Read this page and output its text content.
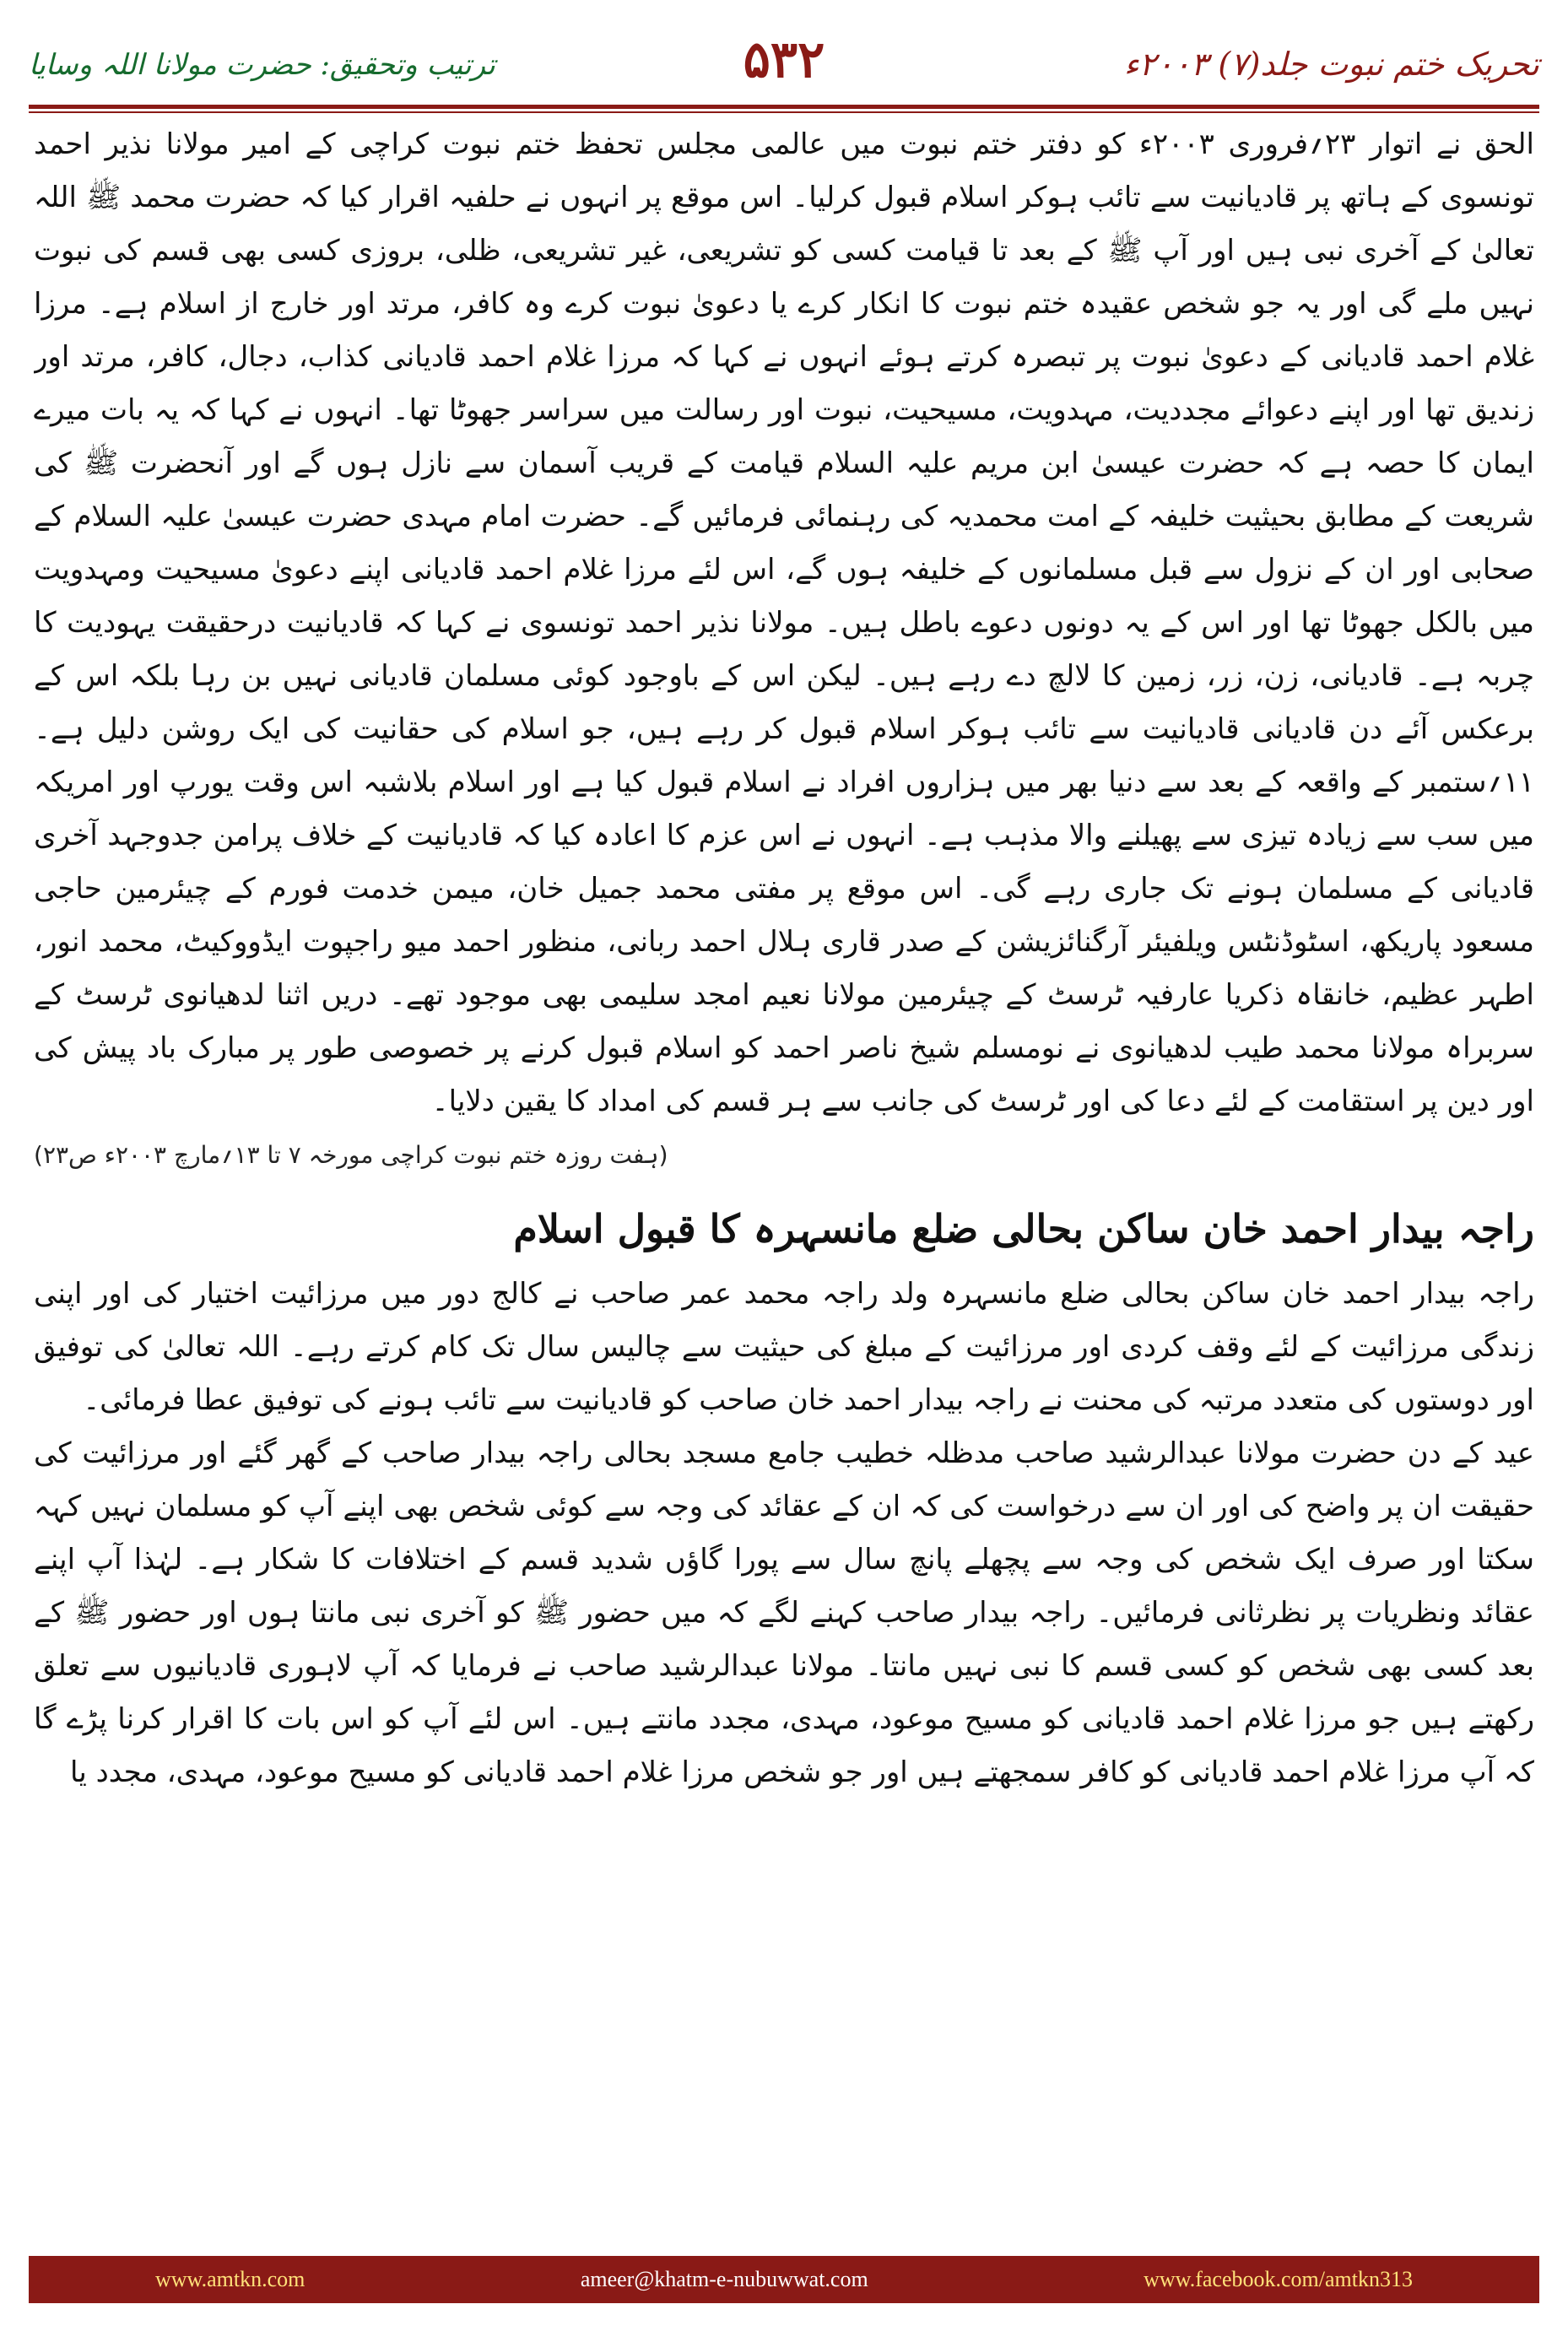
تحریک ختم نبوت جلد(۷) ۲۰۰۳ء
۵۳۲
ترتیب وتحقیق: حضرت مولانا اللہ وسایا

الحق نے اتوار ۲۳؍فروری ۲۰۰۳ء کو دفتر ختم نبوت میں عالمی مجلس تحفظ ختم نبوت کراچی کے امیر مولانا نذیر احمد تونسوی کے ہاتھ پر قادیانیت سے تائب ہوکر اسلام قبول کرلیا۔ اس موقع پر انہوں نے حلفیہ اقرار کیا کہ حضرت محمد ﷺ اللہ تعالیٰ کے آخری نبی ہیں اور آپ ﷺ کے بعد تا قیامت کسی کو تشریعی، غیر تشریعی، ظلی، بروزی کسی بھی قسم کی نبوت نہیں ملے گی اور یہ جو شخص عقیدہ ختم نبوت کا انکار کرے یا دعویٰ نبوت کرے وہ کافر، مرتد اور خارج از اسلام ہے۔ مرزا غلام احمد قادیانی کے دعویٰ نبوت پر تبصرہ کرتے ہوئے انہوں نے کہا کہ مرزا غلام احمد قادیانی کذاب، دجال، کافر، مرتد اور زندیق تھا اور اپنے دعوائے مجددیت، مہدویت، مسیحیت، نبوت اور رسالت میں سراسر جھوٹا تھا۔ انہوں نے کہا کہ یہ بات میرے ایمان کا حصہ ہے کہ حضرت عیسیٰ ابن مریم علیہ السلام قیامت کے قریب آسمان سے نازل ہوں گے اور آنحضرت ﷺ کی شریعت کے مطابق بحیثیت خلیفہ کے امت محمدیہ کی رہنمائی فرمائیں گے۔ حضرت امام مہدی حضرت عیسیٰ علیہ السلام کے صحابی اور ان کے نزول سے قبل مسلمانوں کے خلیفہ ہوں گے، اس لئے مرزا غلام احمد قادیانی اپنے دعویٰ مسیحیت ومہدویت میں بالکل جھوٹا تھا اور اس کے یہ دونوں دعوے باطل ہیں۔ مولانا نذیر احمد تونسوی نے کہا کہ قادیانیت درحقیقت یہودیت کا چربہ ہے۔ قادیانی، زن، زر، زمین کا لالچ دے رہے ہیں۔ لیکن اس کے باوجود کوئی مسلمان قادیانی نہیں بن رہا بلکہ اس کے برعکس آئے دن قادیانی قادیانیت سے تائب ہوکر اسلام قبول کر رہے ہیں، جو اسلام کی حقانیت کی ایک روشن دلیل ہے۔ ۱۱؍ستمبر کے واقعہ کے بعد سے دنیا بھر میں ہزاروں افراد نے اسلام قبول کیا ہے اور اسلام بلاشبہ اس وقت یورپ اور امریکہ میں سب سے زیادہ تیزی سے پھیلنے والا مذہب ہے۔ انہوں نے اس عزم کا اعادہ کیا کہ قادیانیت کے خلاف پرامن جدوجہد آخری قادیانی کے مسلمان ہونے تک جاری رہے گی۔ اس موقع پر مفتی محمد جمیل خان، میمن خدمت فورم کے چیئرمین حاجی مسعود پاریکھ، اسٹوڈنٹس ویلفیئر آرگنائزیشن کے صدر قاری ہلال احمد ربانی، منظور احمد میو راجپوت ایڈووکیٹ، محمد انور، اطہر عظیم، خانقاہ ذکریا عارفیہ ٹرسٹ کے چیئرمین مولانا نعیم امجد سلیمی بھی موجود تھے۔ دریں اثنا لدھیانوی ٹرسٹ کے سربراہ مولانا محمد طیب لدھیانوی نے نومسلم شیخ ناصر احمد کو اسلام قبول کرنے پر خصوصی طور پر مبارک باد پیش کی اور دین پر استقامت کے لئے دعا کی اور ٹرسٹ کی جانب سے ہر قسم کی امداد کا یقین دلایا۔

(ہفت روزہ ختم نبوت کراچی مورخہ ۷ تا ۱۳؍مارچ ۲۰۰۳ء ص۲۳)
راجہ بیدار احمد خان ساکن بحالی ضلع مانسہرہ کا قبول اسلام

راجہ بیدار احمد خان ساکن بحالی ضلع مانسہرہ ولد راجہ محمد عمر صاحب نے کالج دور میں مرزائیت اختیار کی اور اپنی زندگی مرزائیت کے لئے وقف کردی اور مرزائیت کے مبلغ کی حیثیت سے چالیس سال تک کام کرتے رہے۔ اللہ تعالیٰ کی توفیق اور دوستوں کی متعدد مرتبہ کی محنت نے راجہ بیدار احمد خان صاحب کو قادیانیت سے تائب ہونے کی توفیق عطا فرمائی۔

عید کے دن حضرت مولانا عبدالرشید صاحب مدظلہ خطیب جامع مسجد بحالی راجہ بیدار صاحب کے گھر گئے اور مرزائیت کی حقیقت ان پر واضح کی اور ان سے درخواست کی کہ ان کے عقائد کی وجہ سے کوئی شخص بھی اپنے آپ کو مسلمان نہیں کہہ سکتا اور صرف ایک شخص کی وجہ سے پچھلے پانچ سال سے پورا گاؤں شدید قسم کے اختلافات کا شکار ہے۔ لہٰذا آپ اپنے عقائد ونظریات پر نظرثانی فرمائیں۔ راجہ بیدار صاحب کہنے لگے کہ میں حضور ﷺ کو آخری نبی مانتا ہوں اور حضور ﷺ کے بعد کسی بھی شخص کو کسی قسم کا نبی نہیں مانتا۔ مولانا عبدالرشید صاحب نے فرمایا کہ آپ لاہوری قادیانیوں سے تعلق رکھتے ہیں جو مرزا غلام احمد قادیانی کو مسیح موعود، مہدی، مجدد مانتے ہیں۔ اس لئے آپ کو اس بات کا اقرار کرنا پڑے گا کہ آپ مرزا غلام احمد قادیانی کو کافر سمجھتے ہیں اور جو شخص مرزا غلام احمد قادیانی کو مسیح موعود، مہدی، مجدد یا

www.amtkn.com	ameer@khatm-e-nubuwwat.com	www.facebook.com/amtkn313
